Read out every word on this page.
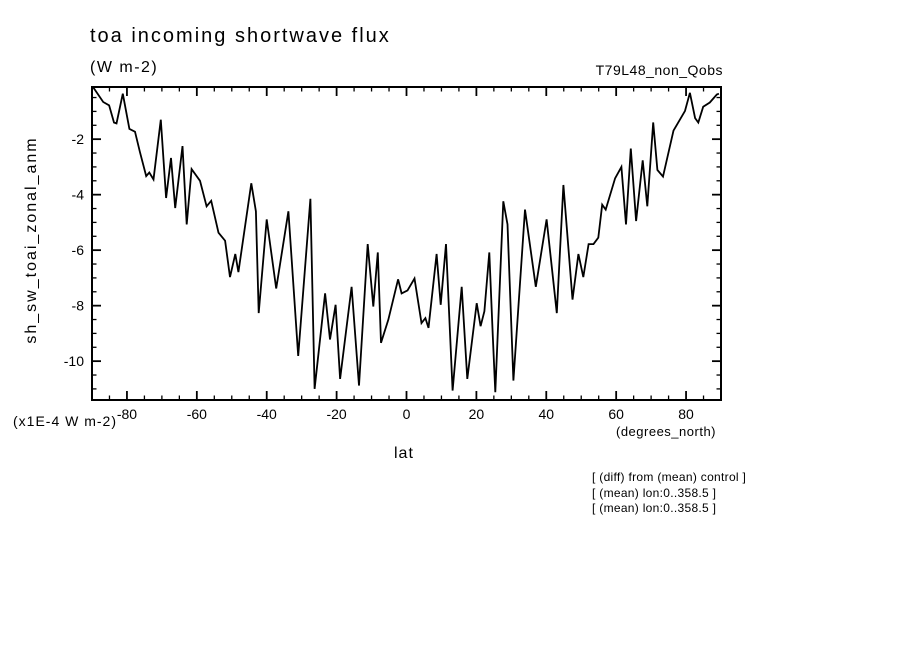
-80	-60	-40	-20	0	20	40	60	80
-2
-4
-6
-8
-10
toa incoming shortwave flux
(W m-2)	T79L48_non_Qobs
sh_sw_toai_zonal_anm
(x1E-4 W m-2)
(degrees_north)
lat
[ (diff) from (mean) control ]
[ (mean) lon:0..358.5 ]
[ (mean) lon:0..358.5 ]
